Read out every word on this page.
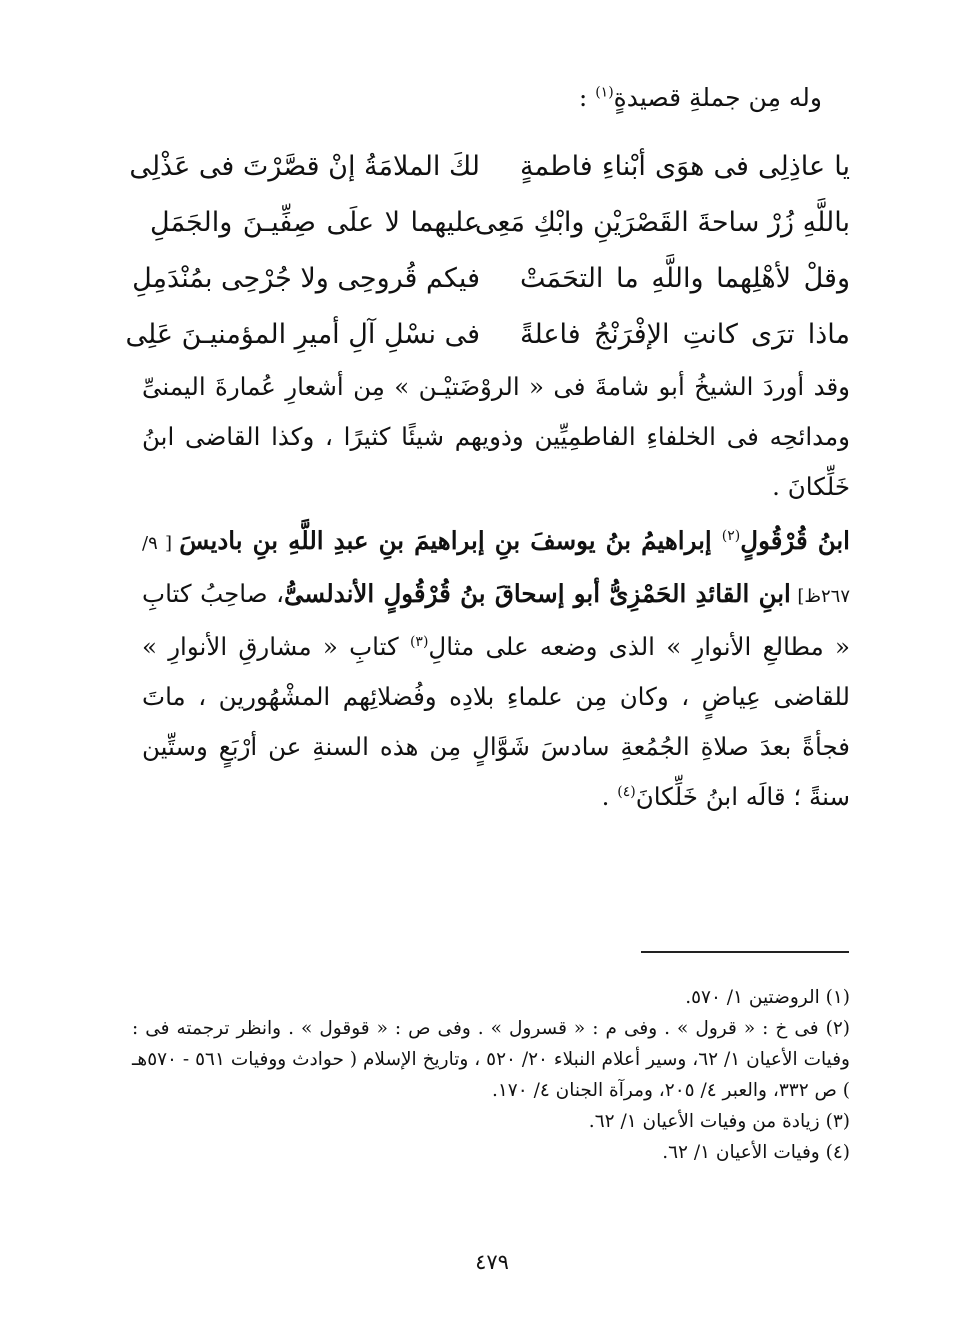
وله مِن جملةِ قصيدةٍ$^{(١)}$ :
يا عاذِلِى فى هوَى أبْناءِ فاطمةٍ
لكَ الملامَةُ إنْ قصَّرْتَ فى عَذْلِى
باللَّهِ زُرْ ساحةَ القَصْرَيْنِ وابْكِ مَعِى
عليهما لا علَى صِفِّيـنَ والجَمَلِ
وقلْ لأهْلِهما واللَّهِ ما التحَمَتْ
فيكم قُروحِى ولا جُرْحِى بمُنْدَمِلِ
ماذا ترَى كانتِ الإفْرَنْجُ فاعلةً
فى نسْلِ آلِ أميرِ المؤمنيـنَ عَلِى

وقد أوردَ الشيخُ أبو شامةَ فى « الروْضَتيْـن » مِن أشعارِ عُمارةَ اليمنىِّ ومدائحِه فى الخلفاءِ الفاطمِيِّين وذويهم شيئًا كثيرًا ، وكذا القاضى ابنُ خَلِّكانَ .

ابنُ قُرْقُولٍ$^{(٢)}$ إبراهيمُ بنُ يوسفَ بنِ إبراهيمَ بنِ عبدِ اللَّهِ بنِ باديسَ [ ٩/ ٢٦٧ظ] ابنِ القائدِ الحَمْزِىُّ أبو إسحاقَ بنُ قُرْقُولٍ الأندلسىُّ، صاحِبُ كتابِ « مطالعِ الأنوارِ » الذى وضعه على مثالِ$^{(٣)}$ كتابِ « مشارقِ الأنوارِ » للقاضى عِياضٍ ، وكان مِن علماءِ بلادِه وفُضلائِهم المشْهُورين ، ماتَ فجأةً بعدَ صلاةِ الجُمُعةِ سادسَ شَوَّالٍ مِن هذه السنةِ عن أرْبَعٍ وستِّين سنةً ؛ قالَه ابنُ خَلِّكانَ$^{(٤)}$ .

(١) الروضتين ١/ ٥٧٠.

(٢) فى خ : « قرول » . وفى م : « قسرول » . وفى ص : « قوقول » . وانظر ترجمته فى : وفيات الأعيان ١/ ٦٢، وسير أعلام النبلاء ٢٠/ ٥٢٠ ، وتاريخ الإسلام ( حوادث ووفيات ٥٦١ - ٥٧٠هـ ) ص ٣٣٢، والعبر ٤/ ٢٠٥، ومرآة الجنان ٤/ ١٧٠.

(٣) زيادة من وفيات الأعيان ١/ ٦٢.

(٤) وفيات الأعيان ١/ ٦٢.

٤٧٩
